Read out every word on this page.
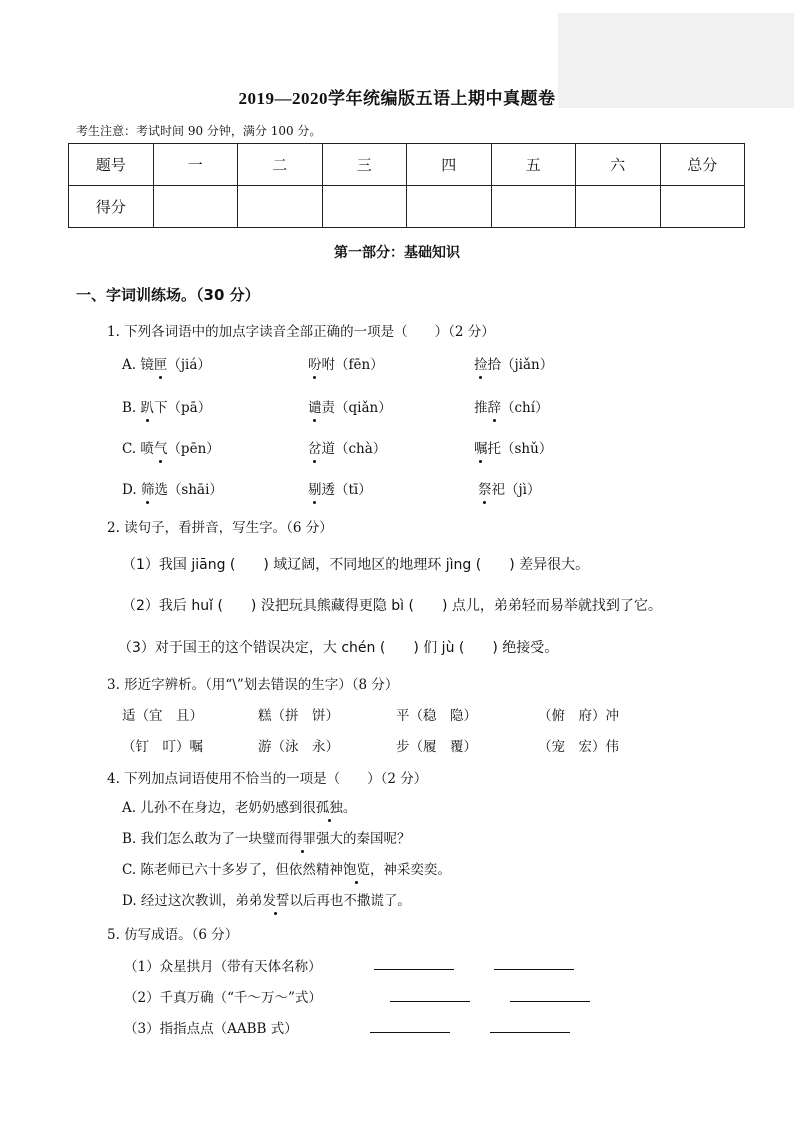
2019—2020学年统编版五语上期中真题卷
考生注意：考试时间 90 分钟，满分 100 分。
题号	一	二	三	四	五	六	总分
得分							
第一部分：基础知识
一、字词训练场。（30 分）
1. 下列各词语中的加点字读音全部正确的一项是（　　）（2 分）
A. 镜匣（jiá）	吩咐（fēn）	捡拾（jiǎn）
B. 趴下（pā）	谴责（qiǎn）	推辞（chí）
C. 喷气（pēn）	岔道（chà）	嘱托（shǔ）
D. 筛选（shāi）	剔透（tī）	祭祀（jì）
2. 读句子，看拼音，写生字。（6 分）
（1）我国 jiāng (　　) 域辽阔，不同地区的地理环 jìng (　　) 差异很大。
（2）我后 huǐ (　　) 没把玩具熊藏得更隐 bì (　　) 点儿，弟弟轻而易举就找到了它。
（3）对于国王的这个错误决定，大 chén (　　) 们 jù (　　) 绝接受。
3. 形近字辨析。（用“\”划去错误的生字）（8 分）
适（宜　且）	糕（拼　饼）	平（稳　隐）	（俯　府）冲
（钉　叮）嘱	游（泳　永）	步（履　覆）	（宠　宏）伟
4. 下列加点词语使用不恰当的一项是（　　）（2 分）
A. 儿孙不在身边，老奶奶感到很孤独。
B. 我们怎么敢为了一块璧而得罪强大的秦国呢？
C. 陈老师已六十多岁了，但依然精神饱览，神采奕奕。
D. 经过这次教训，弟弟发誓以后再也不撒谎了。
5. 仿写成语。（6 分）
（1）众星拱月（带有天体名称）
（2）千真万确（“千～万～”式）
（3）指指点点（AABB 式）
